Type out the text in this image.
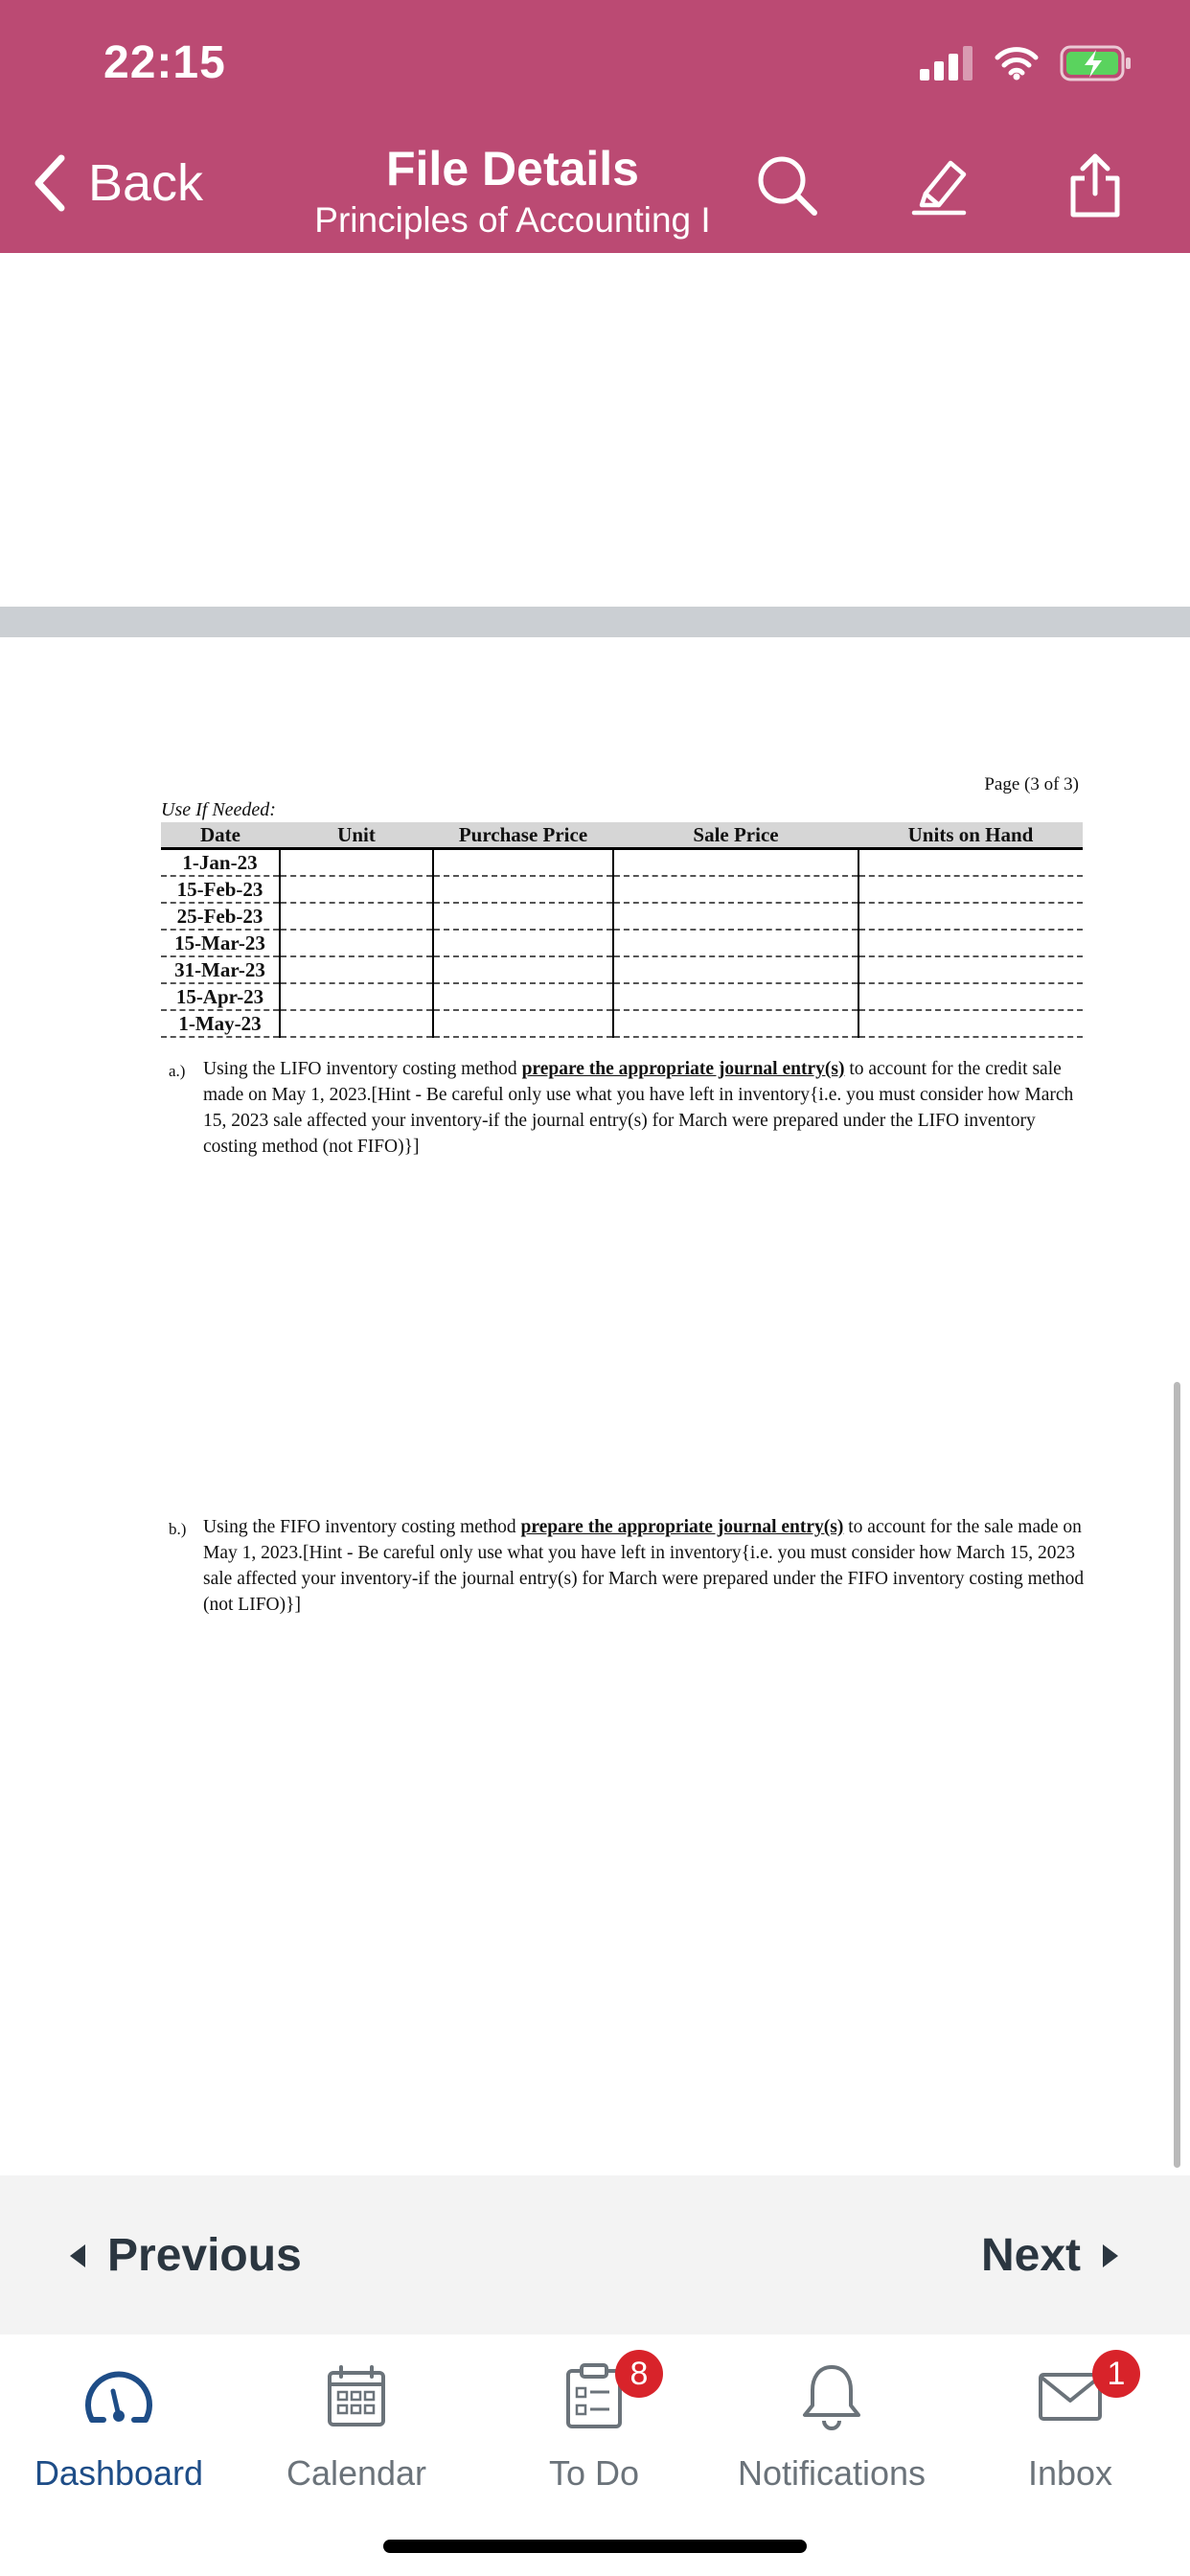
22:15
Back	File Details
Principles of Accounting I
Page (3 of 3)
Use If Needed:
Date	Unit	Purchase Price	Sale Price	Units on Hand
1-Jan-23				
15-Feb-23				
25-Feb-23				
15-Mar-23				
31-Mar-23				
15-Apr-23				
1-May-23				
a.) Using the LIFO inventory costing method prepare the appropriate journal entry(s) to account for the credit sale made on May 1, 2023.[Hint - Be careful only use what you have left in inventory{i.e. you must consider how March 15, 2023 sale affected your inventory-if the journal entry(s) for March were prepared under the LIFO inventory costing method (not FIFO)}]
b.) Using the FIFO inventory costing method prepare the appropriate journal entry(s) to account for the sale made on May 1, 2023.[Hint - Be careful only use what you have left in inventory{i.e. you must consider how March 15, 2023 sale affected your inventory-if the journal entry(s) for March were prepared under the FIFO inventory costing method (not LIFO)}]
Previous	Next
Dashboard	Calendar
8
To Do	Notifications
1
Inbox
